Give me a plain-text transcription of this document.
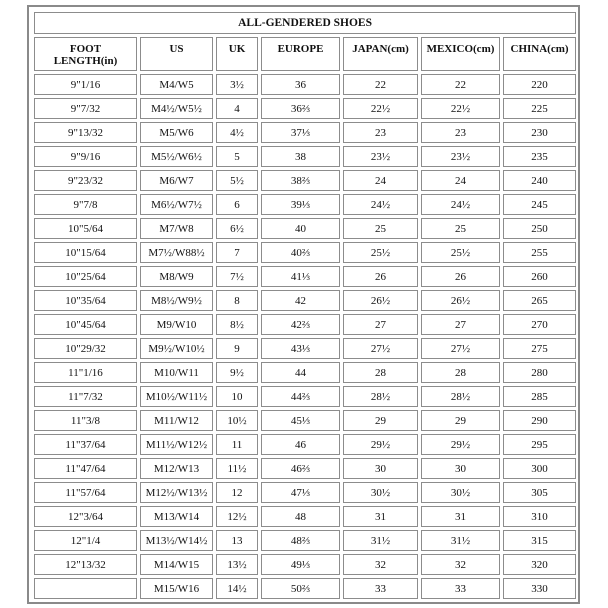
ALL-GENDERED SHOES						

FOOT
LENGTH(in)	US	UK	EUROPE	JAPAN(cm)	MEXICO(cm)	CHINA(cm)
9"1/16	M4/W5	3½	36	22	22	220
9"7/32	M4½/W5½	4	36⅔	22½	22½	225
9"13/32	M5/W6	4½	37⅓	23	23	230
9"9/16	M5½/W6½	5	38	23½	23½	235
9"23/32	M6/W7	5½	38⅔	24	24	240
9"7/8	M6½/W7½	6	39⅓	24½	24½	245
10"5/64	M7/W8	6½	40	25	25	250
10"15/64	M7½/W88½	7	40⅔	25½	25½	255
10"25/64	M8/W9	7½	41⅓	26	26	260
10"35/64	M8½/W9½	8	42	26½	26½	265
10"45/64	M9/W10	8½	42⅔	27	27	270
10"29/32	M9½/W10½	9	43⅓	27½	27½	275
11"1/16	M10/W11	9½	44	28	28	280
11"7/32	M10½/W11½	10	44⅔	28½	28½	285
11"3/8	M11/W12	10½	45⅓	29	29	290
11"37/64	M11½/W12½	11	46	29½	29½	295
11"47/64	M12/W13	11½	46⅔	30	30	300
11"57/64	M12½/W13½	12	47⅓	30½	30½	305
12"3/64	M13/W14	12½	48	31	31	310
12"1/4	M13½/W14½	13	48⅔	31½	31½	315
12"13/32	M14/W15	13½	49⅓	32	32	320
	M15/W16	14½	50⅔	33	33	330
